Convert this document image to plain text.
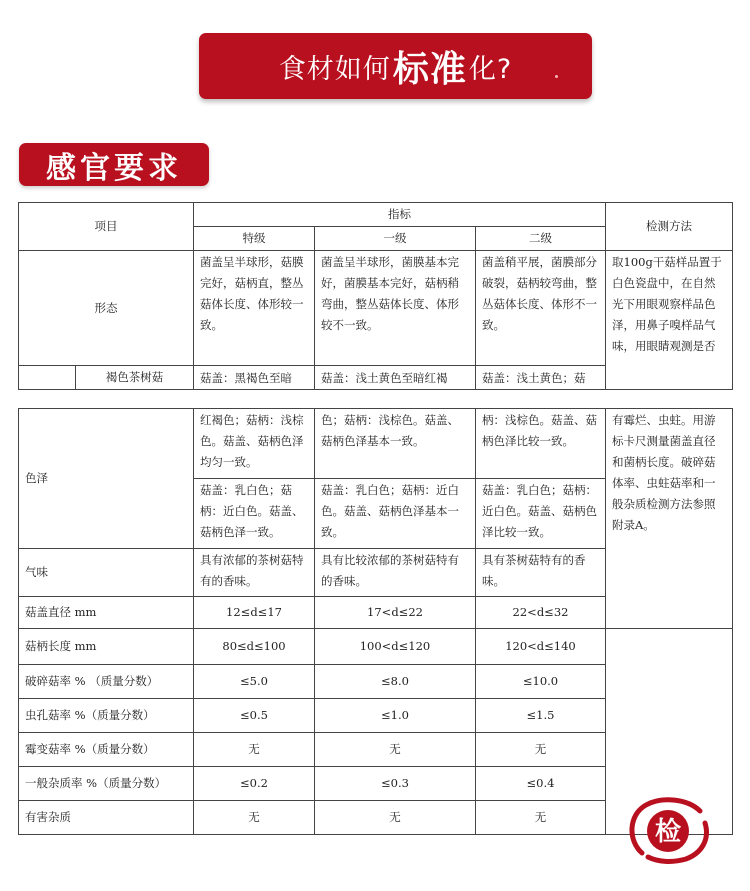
食材如何 标准 化?
感官要求
项目		指标			检测方法
		特级	一级	二级	
形态		菌盖呈半球形，菇膜完好，菇柄直，整丛菇体长度、体形较一致。	菌盖呈半球形，菌膜基本完好，菌膜基本完好，菇柄稍弯曲，整丛菇体长度、体形较不一致。	菌盖稍平展，菌膜部分破裂，菇柄较弯曲，整丛菇体长度、体形不一致。	取100g干菇样品置于白色瓷盘中，在自然光下用眼观察样品色泽，用鼻子嗅样品气味，用眼睛观测是否

	褐色茶树菇	菇盖：黑褐色至暗	菇盖：浅土黄色至暗红褐	菇盖：浅土黄色；菇	
色泽	红褐色；菇柄：浅棕色。菇盖、菇柄色泽均匀一致。	色；菇柄：浅棕色。菇盖、菇柄色泽基本一致。	柄：浅棕色。菇盖、菇柄色泽比较一致。	有霉烂、虫蛀。用游标卡尺测量菌盖直径和菌柄长度。破碎菇体率、虫蛀菇率和一般杂质检测方法参照附录A。
	菇盖：乳白色；菇柄：近白色。菇盖、菇柄色泽一致。	菇盖：乳白色；菇柄：近白色。菇盖、菇柄色泽基本一致。	菇盖：乳白色；菇柄：近白色。菇盖、菇柄色泽比较一致。	
气味	具有浓郁的茶树菇特有的香味。	具有比较浓郁的茶树菇特有的香味。	具有茶树菇特有的香味。	
菇盖直径 mm	12≤d≤17	17<d≤22	22<d≤32	
菇柄长度 mm	80≤d≤100	100<d≤120	120<d≤140	
破碎菇率 % （质量分数）	≤5.0	≤8.0	≤10.0	
虫孔菇率 %（质量分数）	≤0.5	≤1.0	≤1.5	
霉变菇率 %（质量分数）	无	无	无	
一般杂质率 %（质量分数）	≤0.2	≤0.3	≤0.4	
有害杂质	无	无	无		检
